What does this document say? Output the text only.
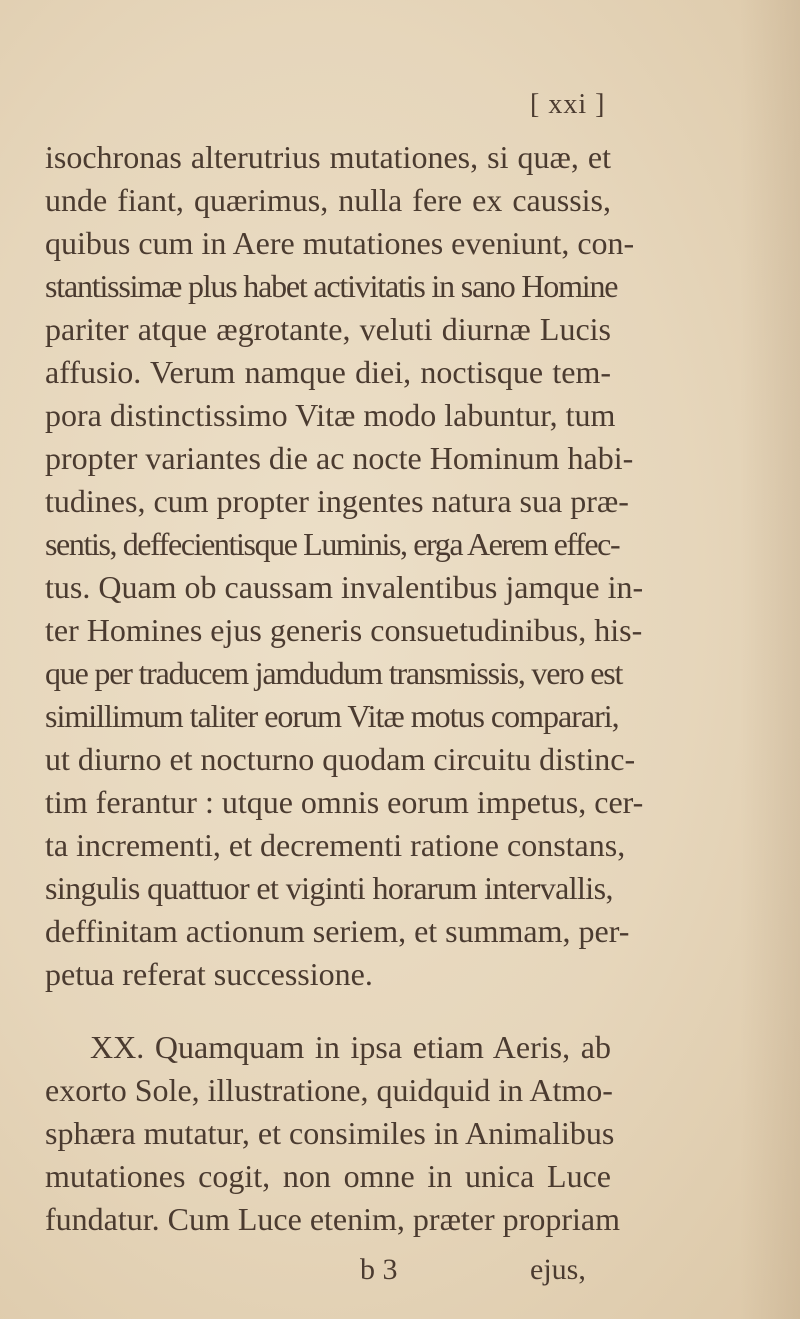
[ xxi ]
isochronas alterutrius mutationes, si quæ, et
unde fiant, quærimus, nulla fere ex caussis,
quibus cum in Aere mutationes eveniunt, con-
stantissimæ plus habet activitatis in sano Homine
pariter atque ægrotante, veluti diurnæ Lucis
affusio. Verum namque diei, noctisque tem-
pora distinctissimo Vitæ modo labuntur, tum
propter variantes die ac nocte Hominum habi-
tudines, cum propter ingentes natura sua præ-
sentis, deffecientisque Luminis, erga Aerem effec-
tus. Quam ob caussam invalentibus jamque in-
ter Homines ejus generis consuetudinibus, his-
que per traducem jamdudum transmissis, vero est
simillimum taliter eorum Vitæ motus comparari,
ut diurno et nocturno quodam circuitu distinc-
tim ferantur : utque omnis eorum impetus, cer-
ta incrementi, et decrementi ratione constans,
singulis quattuor et viginti horarum intervallis,
deffinitam actionum seriem, et summam, per-
petua referat successione.
XX. Quamquam in ipsa etiam Aeris, ab
exorto Sole, illustratione, quidquid in Atmo-
sphæra mutatur, et consimiles in Animalibus
mutationes cogit, non omne in unica Luce
fundatur. Cum Luce etenim, præter propriam
b 3	ejus,
